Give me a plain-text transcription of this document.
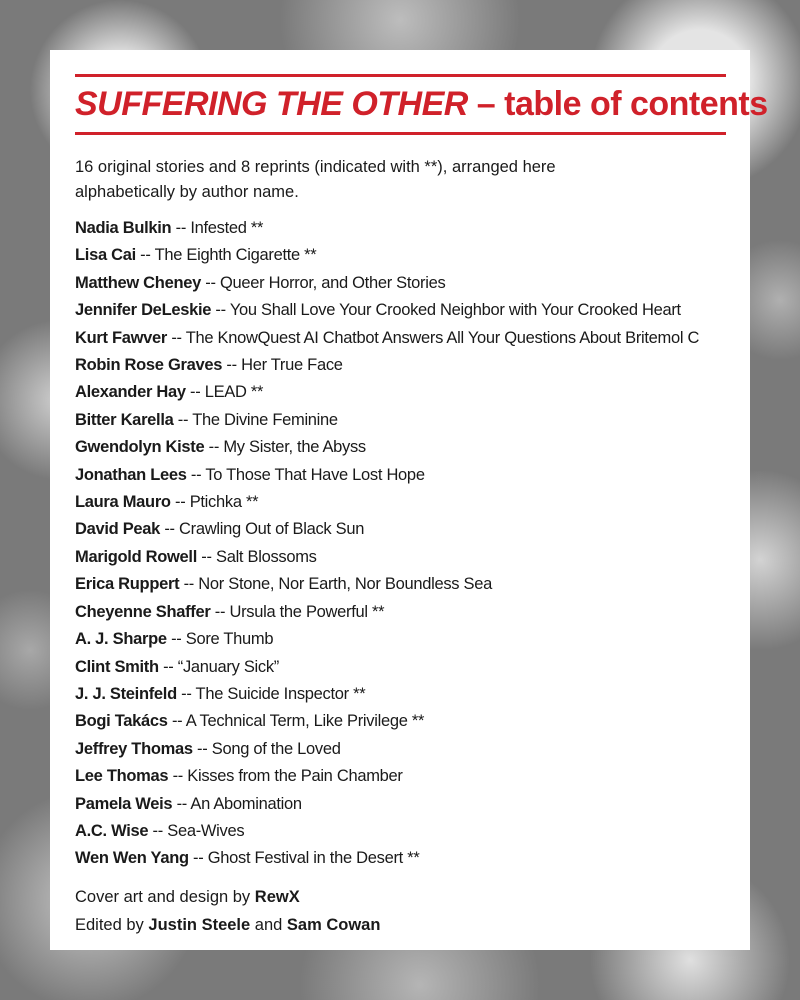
SUFFERING THE OTHER – table of contents

16 original stories and 8 reprints (indicated with **), arranged here alphabetically by author name.

Nadia Bulkin -- Infested **
Lisa Cai -- The Eighth Cigarette **
Matthew Cheney -- Queer Horror, and Other Stories
Jennifer DeLeskie -- You Shall Love Your Crooked Neighbor with Your Crooked Heart
Kurt Fawver -- The KnowQuest AI Chatbot Answers All Your Questions About Britemol C
Robin Rose Graves -- Her True Face
Alexander Hay -- LEAD **
Bitter Karella -- The Divine Feminine
Gwendolyn Kiste -- My Sister, the Abyss
Jonathan Lees -- To Those That Have Lost Hope
Laura Mauro -- Ptichka **
David Peak -- Crawling Out of Black Sun
Marigold Rowell -- Salt Blossoms
Erica Ruppert -- Nor Stone, Nor Earth, Nor Boundless Sea
Cheyenne Shaffer -- Ursula the Powerful **
A. J. Sharpe -- Sore Thumb
Clint Smith -- “January Sick”
J. J. Steinfeld -- The Suicide Inspector **
Bogi Takács -- A Technical Term, Like Privilege **
Jeffrey Thomas -- Song of the Loved
Lee Thomas -- Kisses from the Pain Chamber
Pamela Weis -- An Abomination
A.C. Wise -- Sea-Wives
Wen Wen Yang -- Ghost Festival in the Desert **

Cover art and design by RewX

Edited by Justin Steele and Sam Cowan
